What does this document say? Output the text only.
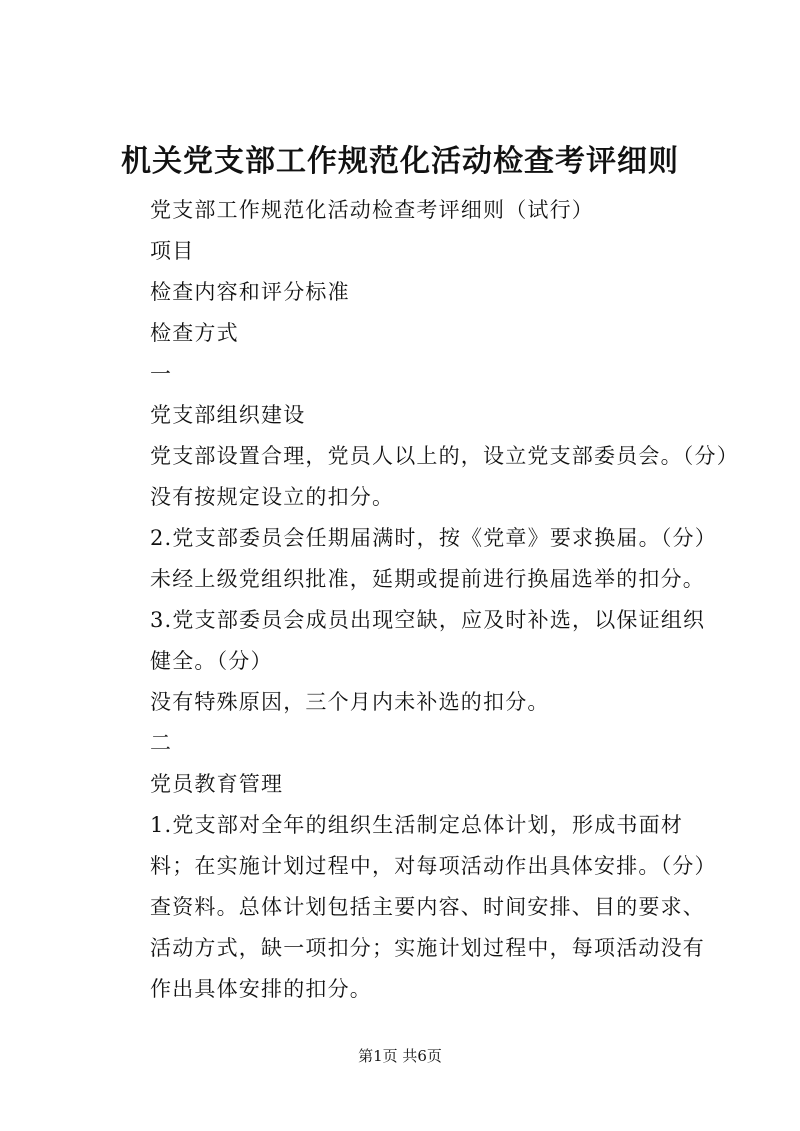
机关党支部工作规范化活动检查考评细则

党支部工作规范化活动检查考评细则（试行）

项目

检查内容和评分标准

检查方式

一

党支部组织建设

党支部设置合理，党员人以上的，设立党支部委员会。（分）

没有按规定设立的扣分。

2.党支部委员会任期届满时，按《党章》要求换届。（分）

未经上级党组织批准，延期或提前进行换届选举的扣分。

3.党支部委员会成员出现空缺，应及时补选，以保证组织健全。（分）

没有特殊原因，三个月内未补选的扣分。

二

党员教育管理

1.党支部对全年的组织生活制定总体计划，形成书面材料；在实施计划过程中，对每项活动作出具体安排。（分）

查资料。总体计划包括主要内容、时间安排、目的要求、活动方式，缺一项扣分；实施计划过程中，每项活动没有作出具体安排的扣分。

第1页 共6页
